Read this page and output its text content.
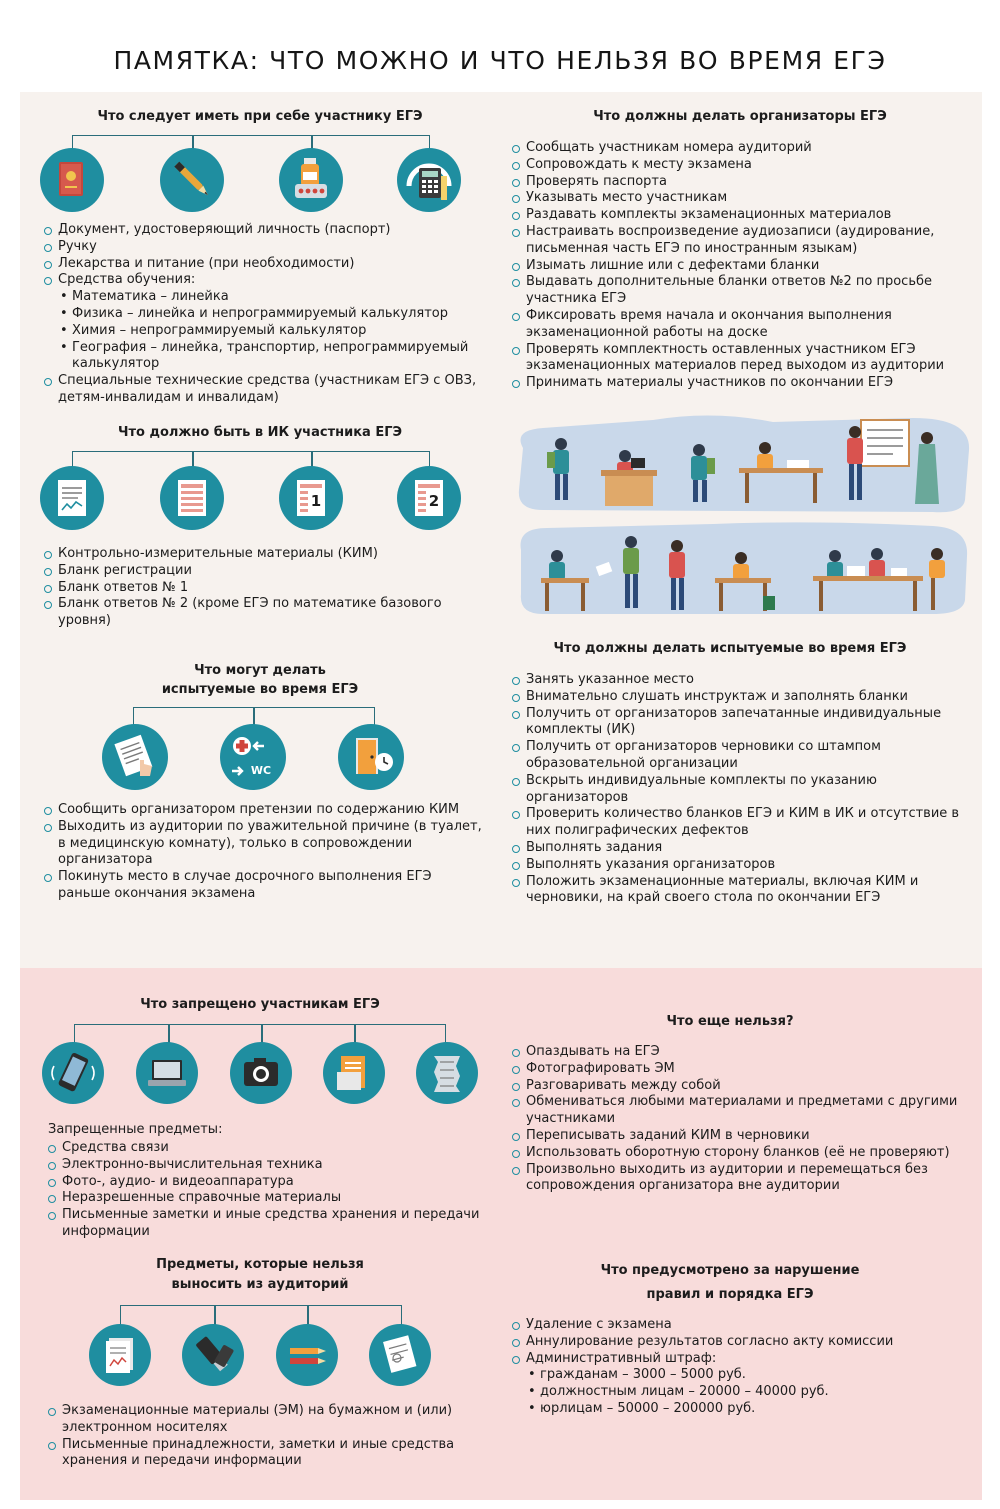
ПАМЯТКА: ЧТО МОЖНО И ЧТО НЕЛЬЗЯ ВО ВРЕМЯ ЕГЭ
Что следует иметь при себе участнику ЕГЭ
Документ, удостоверяющий личность (паспорт)
Ручку
Лекарства и питание (при необходимости)
Средства обучения:
• Математика – линейка
• Физика – линейка и непрограммируемый калькулятор
• Химия – непрограммируемый калькулятор
• География – линейка, транспортир, непрограммируемый калькулятор
Специальные технические средства (участникам ЕГЭ с ОВЗ, детям-инвалидам и инвалидам)
Что должно быть в ИК участника ЕГЭ
1	2
Контрольно-измерительные материалы (КИМ)
Бланк регистрации
Бланк ответов № 1
Бланк ответов № 2 (кроме ЕГЭ по математике базового уровня)
Что могут делать
испытуемые во время ЕГЭ
WC
Сообщить организатором претензии по содержанию КИМ
Выходить из аудитории по уважительной причине (в туалет, в медицинскую комнату), только в сопровождении организатора
Покинуть место в случае досрочного выполнения ЕГЭ раньше окончания экзамена
Что должны делать организаторы ЕГЭ
Сообщать участникам номера аудиторий
Сопровождать к месту экзамена
Проверять паспорта
Указывать место участникам
Раздавать комплекты экзаменационных материалов
Настраивать воспроизведение аудиозаписи (аудирование, письменная часть ЕГЭ по иностранным языкам)
Изымать лишние или с дефектами бланки
Выдавать дополнительные бланки ответов №2 по просьбе участника ЕГЭ
Фиксировать время начала и окончания выполнения экзаменационной работы на доске
Проверять комплектность оставленных участником ЕГЭ экзаменационных материалов перед выходом из аудитории
Принимать материалы участников по окончании ЕГЭ
Что должны делать испытуемые во время ЕГЭ
Занять указанное место
Внимательно слушать инструктаж и заполнять бланки
Получить от организаторов запечатанные индивидуальные комплекты (ИК)
Получить от организаторов черновики со штампом образовательной организации
Вскрыть индивидуальные комплекты по указанию организаторов
Проверить количество бланков ЕГЭ и КИМ в ИК и отсутствие в них полиграфических дефектов
Выполнять задания
Выполнять указания организаторов
Положить экзаменационные материалы, включая КИМ и черновики, на край своего стола по окончании ЕГЭ
Что запрещено участникам ЕГЭ
Запрещенные предметы:
Средства связи
Электронно-вычислительная техника
Фото-, аудио- и видеоаппаратура
Неразрешенные справочные материалы
Письменные заметки и иные средства хранения и передачи информации
Предметы, которые нельзя
выносить из аудиторий
Экзаменационные материалы (ЭМ) на бумажном и (или) электронном носителях
Письменные принадлежности, заметки и иные средства хранения и передачи информации
Что еще нельзя?
Опаздывать на ЕГЭ
Фотографировать ЭМ
Разговаривать между собой
Обмениваться любыми материалами и предметами с другими участниками
Переписывать заданий КИМ в черновики
Использовать оборотную сторону бланков (её не проверяют)
Произвольно выходить из аудитории и перемещаться без сопровождения организатора вне аудитории
Что предусмотрено за нарушение
правил и порядка ЕГЭ
Удаление с экзамена
Аннулирование результатов согласно акту комиссии
Административный штраф:
• гражданам – 3000 – 5000 руб.
• должностным лицам – 20000 – 40000 руб.
• юрлицам – 50000 – 200000 руб.
